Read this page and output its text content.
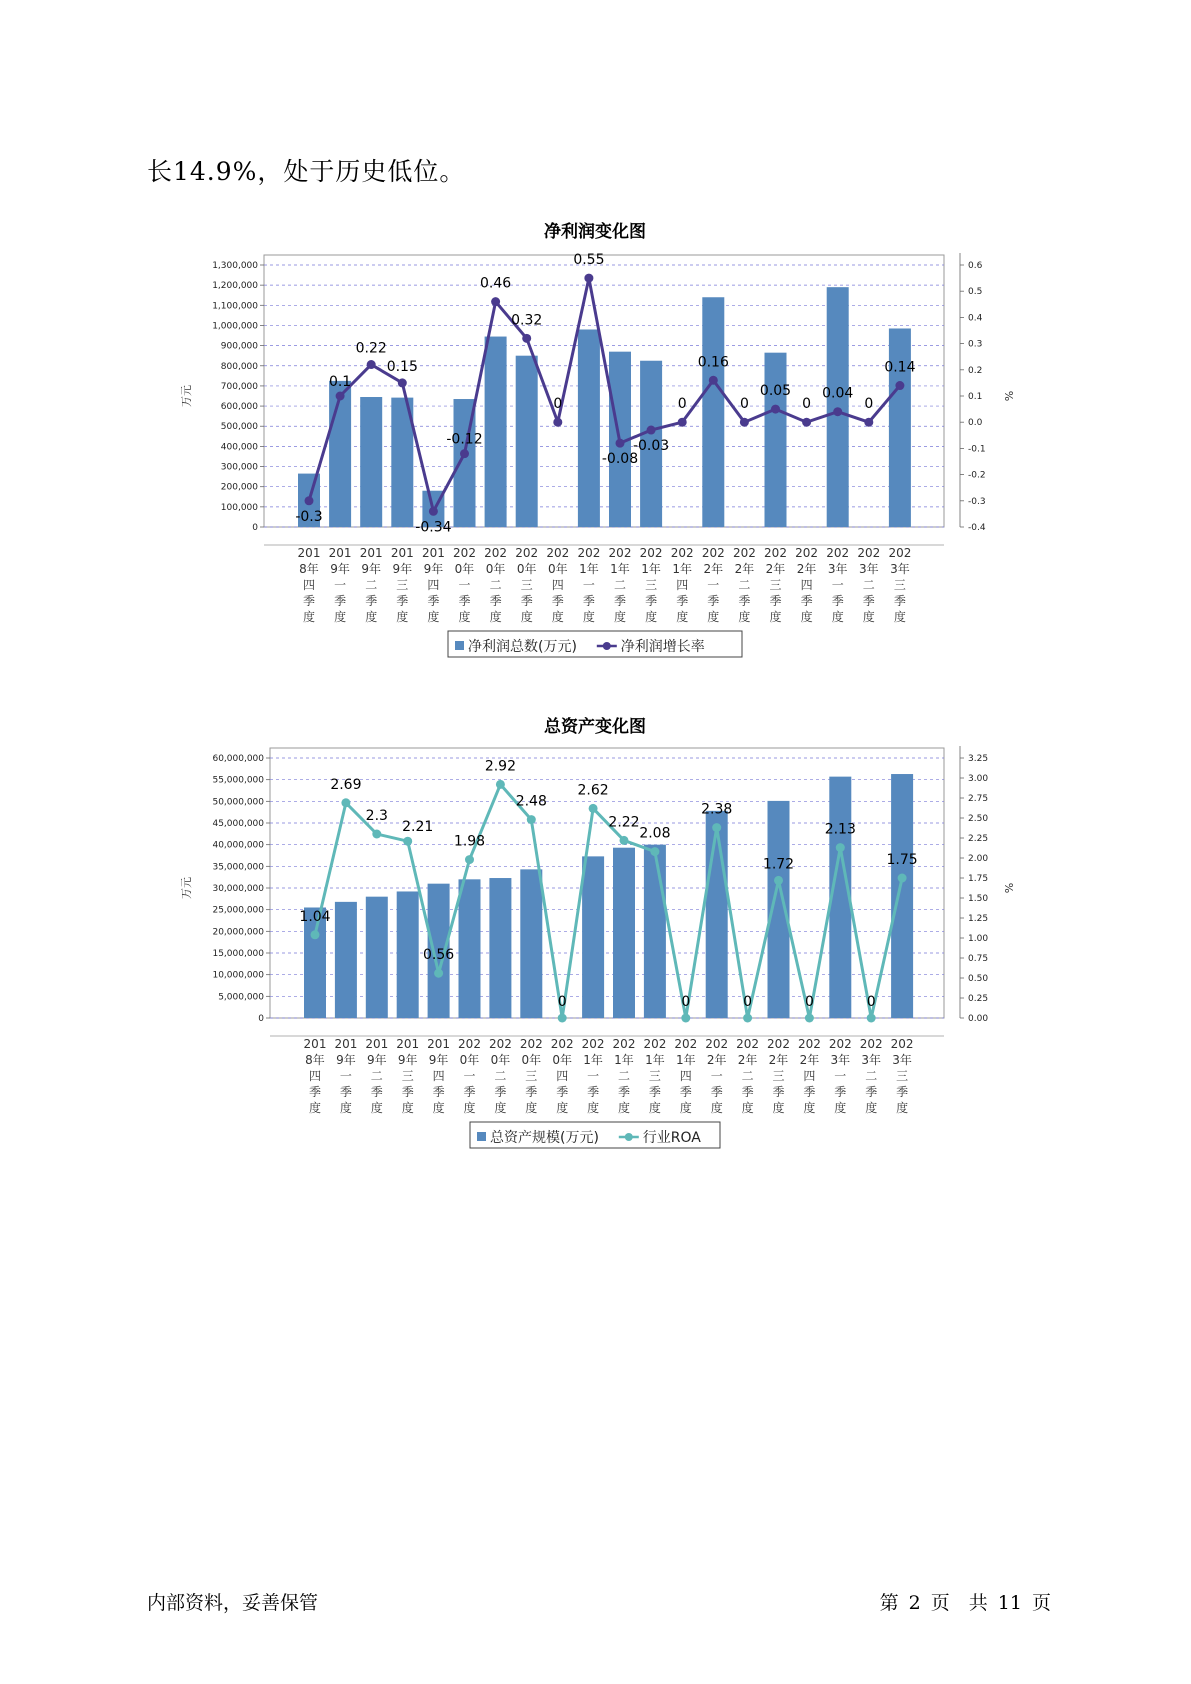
长14.9%，处于历史低位。
净利润变化图
1,300,000
1,200,000
1,100,000
1,000,000
900,000
800,000
700,000
600,000
500,000
400,000
300,000
200,000
100,000
0
0.6
0.5
0.4
0.3
0.2
0.1
0.0
-0.1
-0.2
-0.3
-0.4
万元	%
-0.3
0.1
0.22
0.15
-0.34
-0.12
0.46
0.32
0
0.55
-0.08
-0.03
0
0.16
0
0.05
0
0.04
0
0.14
201 8年四季度
201 9年一季度
201 9年二季度
201 9年三季度
201 9年四季度
202 0年一季度
202 0年二季度
202 0年三季度
202 0年四季度
202 1年一季度
202 1年二季度
202 1年三季度
202 1年四季度
202 2年一季度
202 2年二季度
202 2年三季度
202 2年四季度
202 3年一季度
202 3年二季度
202 3年三季度
净利润总数(万元)	净利润增长率
总资产变化图
60,000,000
55,000,000
50,000,000
45,000,000
40,000,000
35,000,000
30,000,000
25,000,000
20,000,000
15,000,000
10,000,000
5,000,000
0
3.25
3.00
2.75
2.50
2.25
2.00
1.75
1.50
1.25
1.00
0.75
0.50
0.25
0.00
万元	%
1.04
2.69
2.3
2.21
0.56
1.98
2.92
2.48
0
2.62
2.22
2.08
0
2.38
0
1.72
0
2.13
0
1.75
201 8年四季度
201 9年一季度
201 9年二季度
201 9年三季度
201 9年四季度
202 0年一季度
202 0年二季度
202 0年三季度
202 0年四季度
202 1年一季度
202 1年二季度
202 1年三季度
202 1年四季度
202 2年一季度
202 2年二季度
202 2年三季度
202 2年四季度
202 3年一季度
202 3年二季度
202 3年三季度
总资产规模(万元)	行业ROA
内部资料，妥善保管	第 2 页　共 11 页
